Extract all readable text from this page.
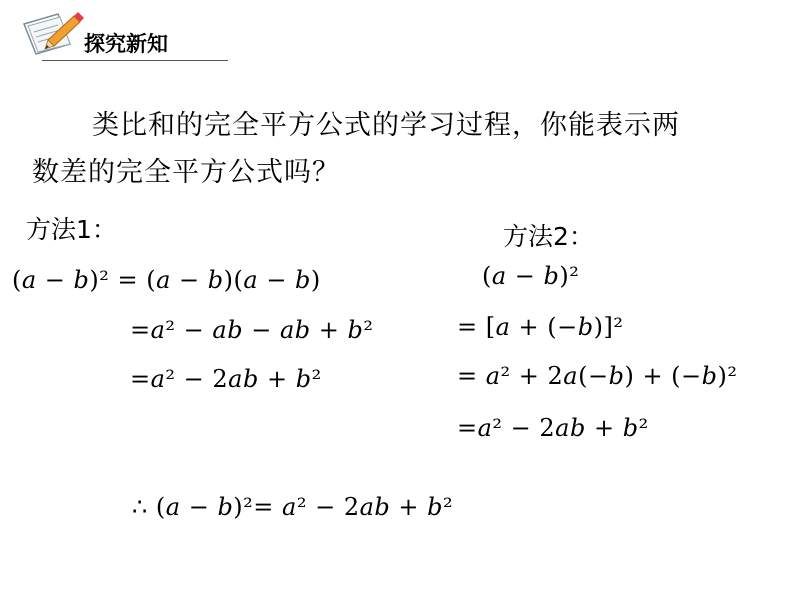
探究新知
类比和的完全平方公式的学习过程，你能表示两
数差的完全平方公式吗？
方法1：
(𝑎 − 𝑏)² = (𝑎 − 𝑏)(𝑎 − 𝑏)
=𝑎² − 𝑎𝑏 − 𝑎𝑏 + 𝑏²
=𝑎² − 2𝑎𝑏 + 𝑏²
方法2：
(𝑎 − 𝑏)²
= [𝑎 + (−𝑏)]²
= 𝑎² + 2𝑎(−𝑏) + (−𝑏)²
=𝑎² − 2𝑎𝑏 + 𝑏²
∴ (𝑎 − 𝑏)²= 𝑎² − 2𝑎𝑏 + 𝑏²
